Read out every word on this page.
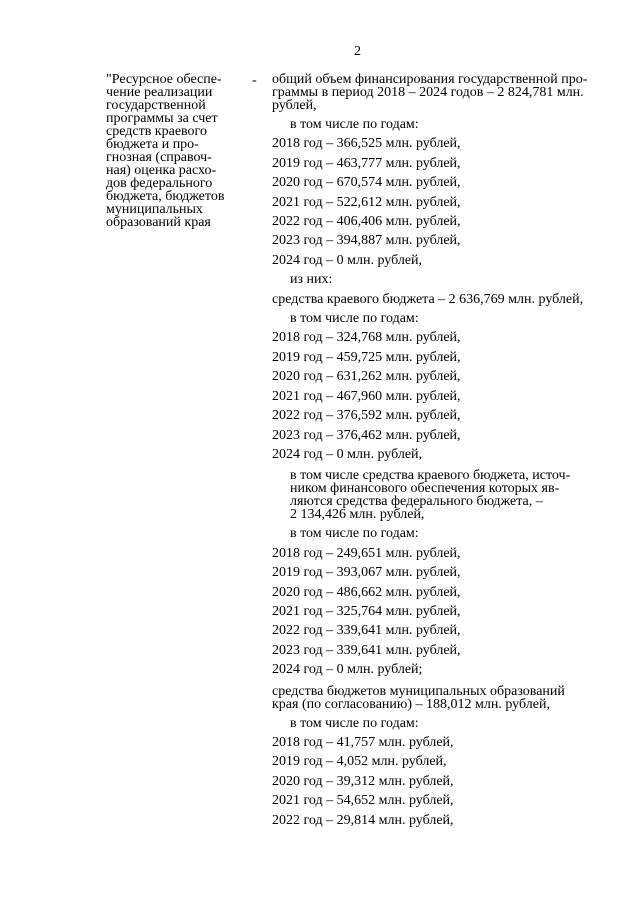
2
"Ресурсное обеспе-
чение реализации
государственной
программы за счет
средств краевого
бюджета и про-
гнозная (справоч-
ная) оценка расхо-
дов федерального
бюджета, бюджетов
муниципальных
образований края
- общий объем финансирования государственной про-
граммы в период 2018 – 2024 годов – 2 824,781 млн.
рублей,
в том числе по годам:
2018 год – 366,525 млн. рублей,
2019 год – 463,777 млн. рублей,
2020 год – 670,574 млн. рублей,
2021 год – 522,612 млн. рублей,
2022 год – 406,406 млн. рублей,
2023 год – 394,887 млн. рублей,
2024 год – 0 млн. рублей,
из них:
средства краевого бюджета – 2 636,769 млн. рублей,
в том числе по годам:
2018 год – 324,768 млн. рублей,
2019 год – 459,725 млн. рублей,
2020 год – 631,262 млн. рублей,
2021 год – 467,960 млн. рублей,
2022 год – 376,592 млн. рублей,
2023 год – 376,462 млн. рублей,
2024 год – 0 млн. рублей,
в том числе средства краевого бюджета, источ-
ником финансового обеспечения которых яв-
ляются средства федерального бюджета, –
2 134,426 млн. рублей,
в том числе по годам:
2018 год – 249,651 млн. рублей,
2019 год – 393,067 млн. рублей,
2020 год – 486,662 млн. рублей,
2021 год – 325,764 млн. рублей,
2022 год – 339,641 млн. рублей,
2023 год – 339,641 млн. рублей,
2024 год – 0 млн. рублей;
средства бюджетов муниципальных образований
края (по согласованию) – 188,012 млн. рублей,
в том числе по годам:
2018 год – 41,757 млн. рублей,
2019 год – 4,052 млн. рублей,
2020 год – 39,312 млн. рублей,
2021 год – 54,652 млн. рублей,
2022 год – 29,814 млн. рублей,
